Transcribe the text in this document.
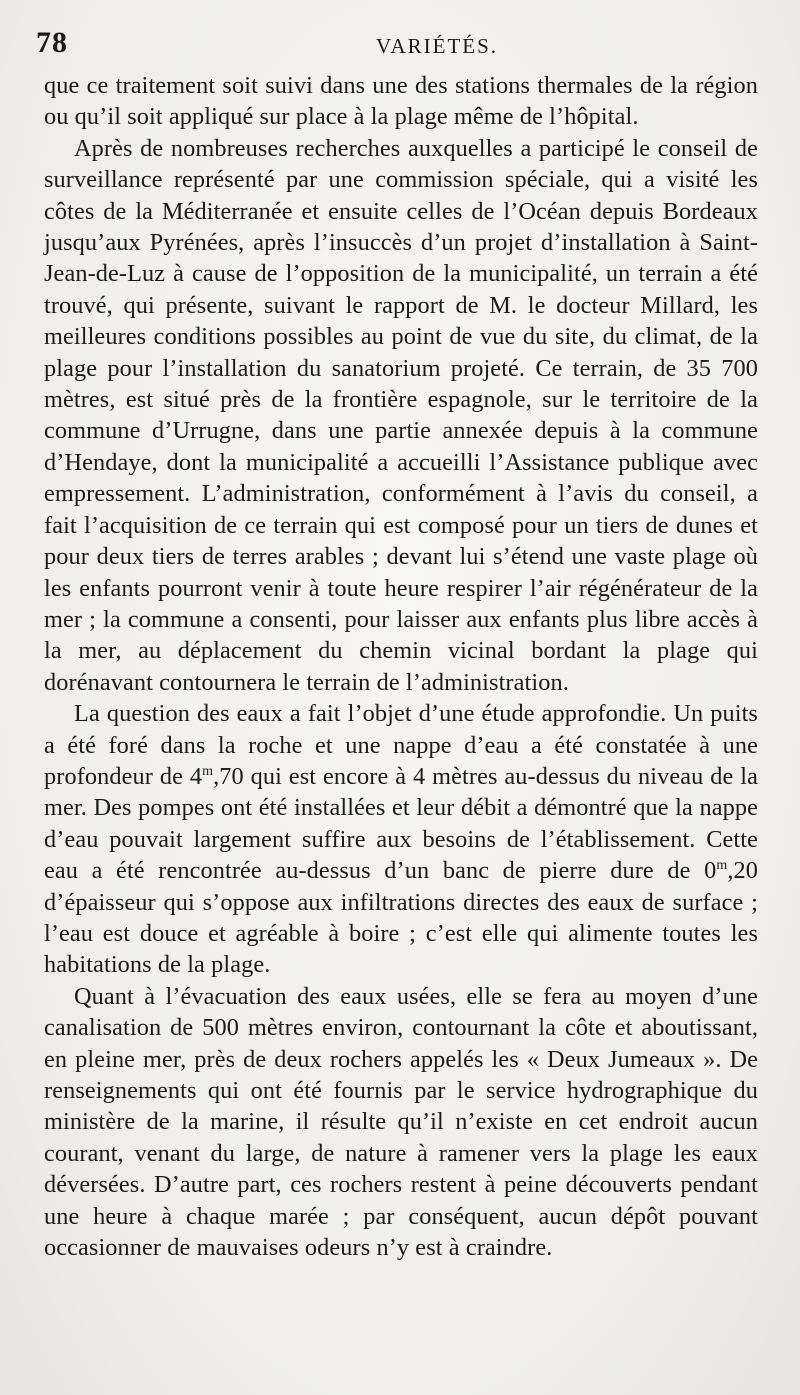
78	VARIÉTÉS.

que ce traitement soit suivi dans une des stations thermales de la région ou qu’il soit appliqué sur place à la plage même de l’hôpital.

Après de nombreuses recherches auxquelles a participé le conseil de surveillance représenté par une commission spéciale, qui a visité les côtes de la Méditerranée et ensuite celles de l’Océan depuis Bordeaux jusqu’aux Pyrénées, après l’insuccès d’un projet d’installation à Saint-Jean-de-Luz à cause de l’opposition de la municipalité, un terrain a été trouvé, qui présente, suivant le rapport de M. le docteur Millard, les meilleures conditions possibles au point de vue du site, du climat, de la plage pour l’installation du sanatorium projeté. Ce terrain, de 35 700 mètres, est situé près de la frontière espagnole, sur le territoire de la commune d’Urrugne, dans une partie annexée depuis à la commune d’Hendaye, dont la municipalité a accueilli l’Assistance publique avec empressement. L’administration, conformément à l’avis du conseil, a fait l’acquisition de ce terrain qui est composé pour un tiers de dunes et pour deux tiers de terres arables ; devant lui s’étend une vaste plage où les enfants pourront venir à toute heure respirer l’air régénérateur de la mer ; la commune a consenti, pour laisser aux enfants plus libre accès à la mer, au déplacement du chemin vicinal bordant la plage qui dorénavant contournera le terrain de l’administration.

La question des eaux a fait l’objet d’une étude approfondie. Un puits a été foré dans la roche et une nappe d’eau a été constatée à une profondeur de 4$^m$,70 qui est encore à 4 mètres au-dessus du niveau de la mer. Des pompes ont été installées et leur débit a démontré que la nappe d’eau pouvait largement suffire aux besoins de l’établissement. Cette eau a été rencontrée au-dessus d’un banc de pierre dure de 0$^m$,20 d’épaisseur qui s’oppose aux infiltrations directes des eaux de surface ; l’eau est douce et agréable à boire ; c’est elle qui alimente toutes les habitations de la plage.

Quant à l’évacuation des eaux usées, elle se fera au moyen d’une canalisation de 500 mètres environ, contournant la côte et aboutissant, en pleine mer, près de deux rochers appelés les « Deux Jumeaux ». De renseignements qui ont été fournis par le service hydrographique du ministère de la marine, il résulte qu’il n’existe en cet endroit aucun courant, venant du large, de nature à ramener vers la plage les eaux déversées. D’autre part, ces rochers restent à peine découverts pendant une heure à chaque marée ; par conséquent, aucun dépôt pouvant occasionner de mauvaises odeurs n’y est à craindre.
